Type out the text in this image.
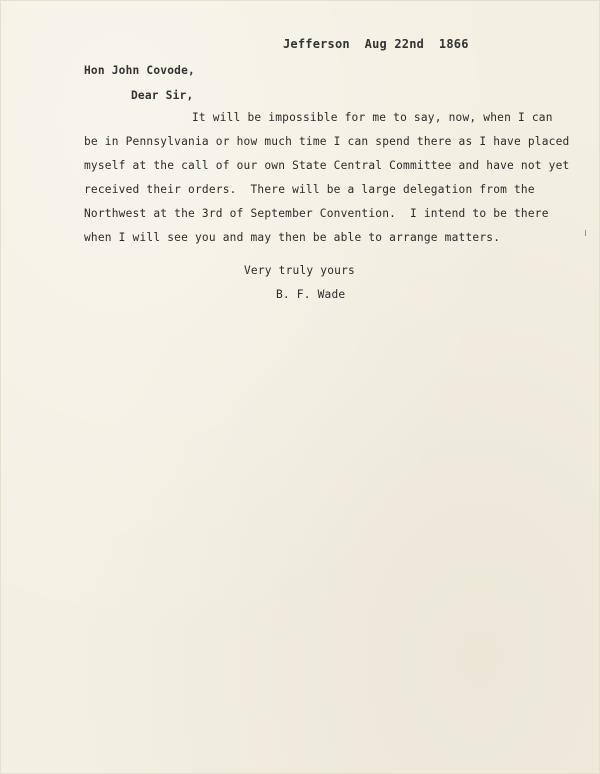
Jefferson  Aug 22nd  1866
Hon John Covode,
Dear Sir,
It will be impossible for me to say, now, when I can
be in Pennsylvania or how much time I can spend there as I have placed
myself at the call of our own State Central Committee and have not yet
received their orders.  There will be a large delegation from the
Northwest at the 3rd of September Convention.  I intend to be there
when I will see you and may then be able to arrange matters.
Very truly yours
B. F. Wade
